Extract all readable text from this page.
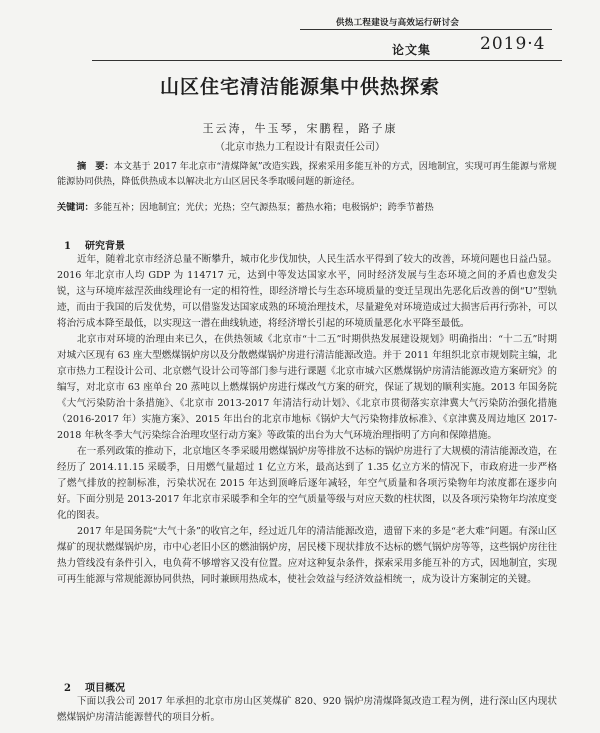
供热工程建设与高效运行研讨会
论文集	2019·4
山区住宅清洁能源集中供热探索
王云涛，牛玉琴，宋鹏程，路子康
（北京市热力工程设计有限责任公司）

摘　要：本文基于 2017 年北京市“清煤降氮”改造实践，探索采用多能互补的方式，因地制宜，实现可再生能源与常规能源协同供热，降低供热成本以解决北方山区居民冬季取暖问题的新途径。

关键词：多能互补；因地制宜；光伏；光热；空气源热泵；蓄热水箱；电极锅炉；跨季节蓄热
1 研究背景

近年，随着北京市经济总量不断攀升，城市化步伐加快，人民生活水平得到了较大的改善，环境问题也日益凸显。2016 年北京市人均 GDP 为 114717 元，达到中等发达国家水平，同时经济发展与生态环境之间的矛盾也愈发尖锐，这与环境库兹涅茨曲线理论有一定的相符性，即经济增长与生态环境质量的变迁呈现出先恶化后改善的倒“U”型轨迹，而由于我国的后发优势，可以借鉴发达国家成熟的环境治理技术，尽量避免对环境造成过大损害后再行弥补，可以将治污成本降至最低，以实现这一潜在曲线轨迹，将经济增长引起的环境质量恶化水平降至最低。

北京市对环境的治理由来已久，在供热领域《北京市“十二五”时期供热发展建设规划》明确指出：“十二五”时期对城六区现有 63 座大型燃煤锅炉房以及分散燃煤锅炉房进行清洁能源改造。并于 2011 年组织北京市规划院主编，北京市热力工程设计公司、北京燃气设计公司等部门参与进行课题《北京市城六区燃煤锅炉房清洁能源改造方案研究》的编写，对北京市 63 座单台 20 蒸吨以上燃煤锅炉房进行煤改气方案的研究，保证了规划的顺利实施。2013 年国务院《大气污染防治十条措施》、《北京市 2013-2017 年清洁行动计划》、《北京市贯彻落实京津冀大气污染防治强化措施（2016-2017 年）实施方案》、2015 年出台的北京市地标《锅炉大气污染物排放标准》、《京津冀及周边地区 2017-2018 年秋冬季大气污染综合治理攻坚行动方案》等政策的出台为大气环境治理指明了方向和保障措施。

在一系列政策的推动下，北京地区冬季采暖用燃煤锅炉房等排放不达标的锅炉房进行了大规模的清洁能源改造，在经历了 2014.11.15 采暖季，日用燃气量超过 1 亿立方米，最高达到了 1.35 亿立方米的情况下，市政府进一步严格了燃气排放的控制标准，污染状况在 2015 年达到顶峰后逐年减轻，年空气质量和各项污染物年均浓度都在逐步向好。下面分别是 2013-2017 年北京市采暖季和全年的空气质量等级与对应天数的柱状图，以及各项污染物年均浓度变化的图表。

2017 年是国务院“大气十条”的收官之年，经过近几年的清洁能源改造，遗留下来的多是“老大难”问题。有深山区煤矿的现状燃煤锅炉房，市中心老旧小区的燃油锅炉房，居民楼下现状排放不达标的燃气锅炉房等等，这些锅炉房往往热力管线没有条件引入，电负荷不够增容又没有位置。应对这种复杂条件，探索采用多能互补的方式，因地制宜，实现可再生能源与常规能源协同供热，同时兼顾用热成本，使社会效益与经济效益相统一，成为设计方案制定的关键。

2 项目概况

下面以我公司 2017 年承担的北京市房山区荚煤矿 820、920 锅炉房清煤降氮改造工程为例，进行深山区内现状燃煤锅炉房清洁能源替代的项目分析。
